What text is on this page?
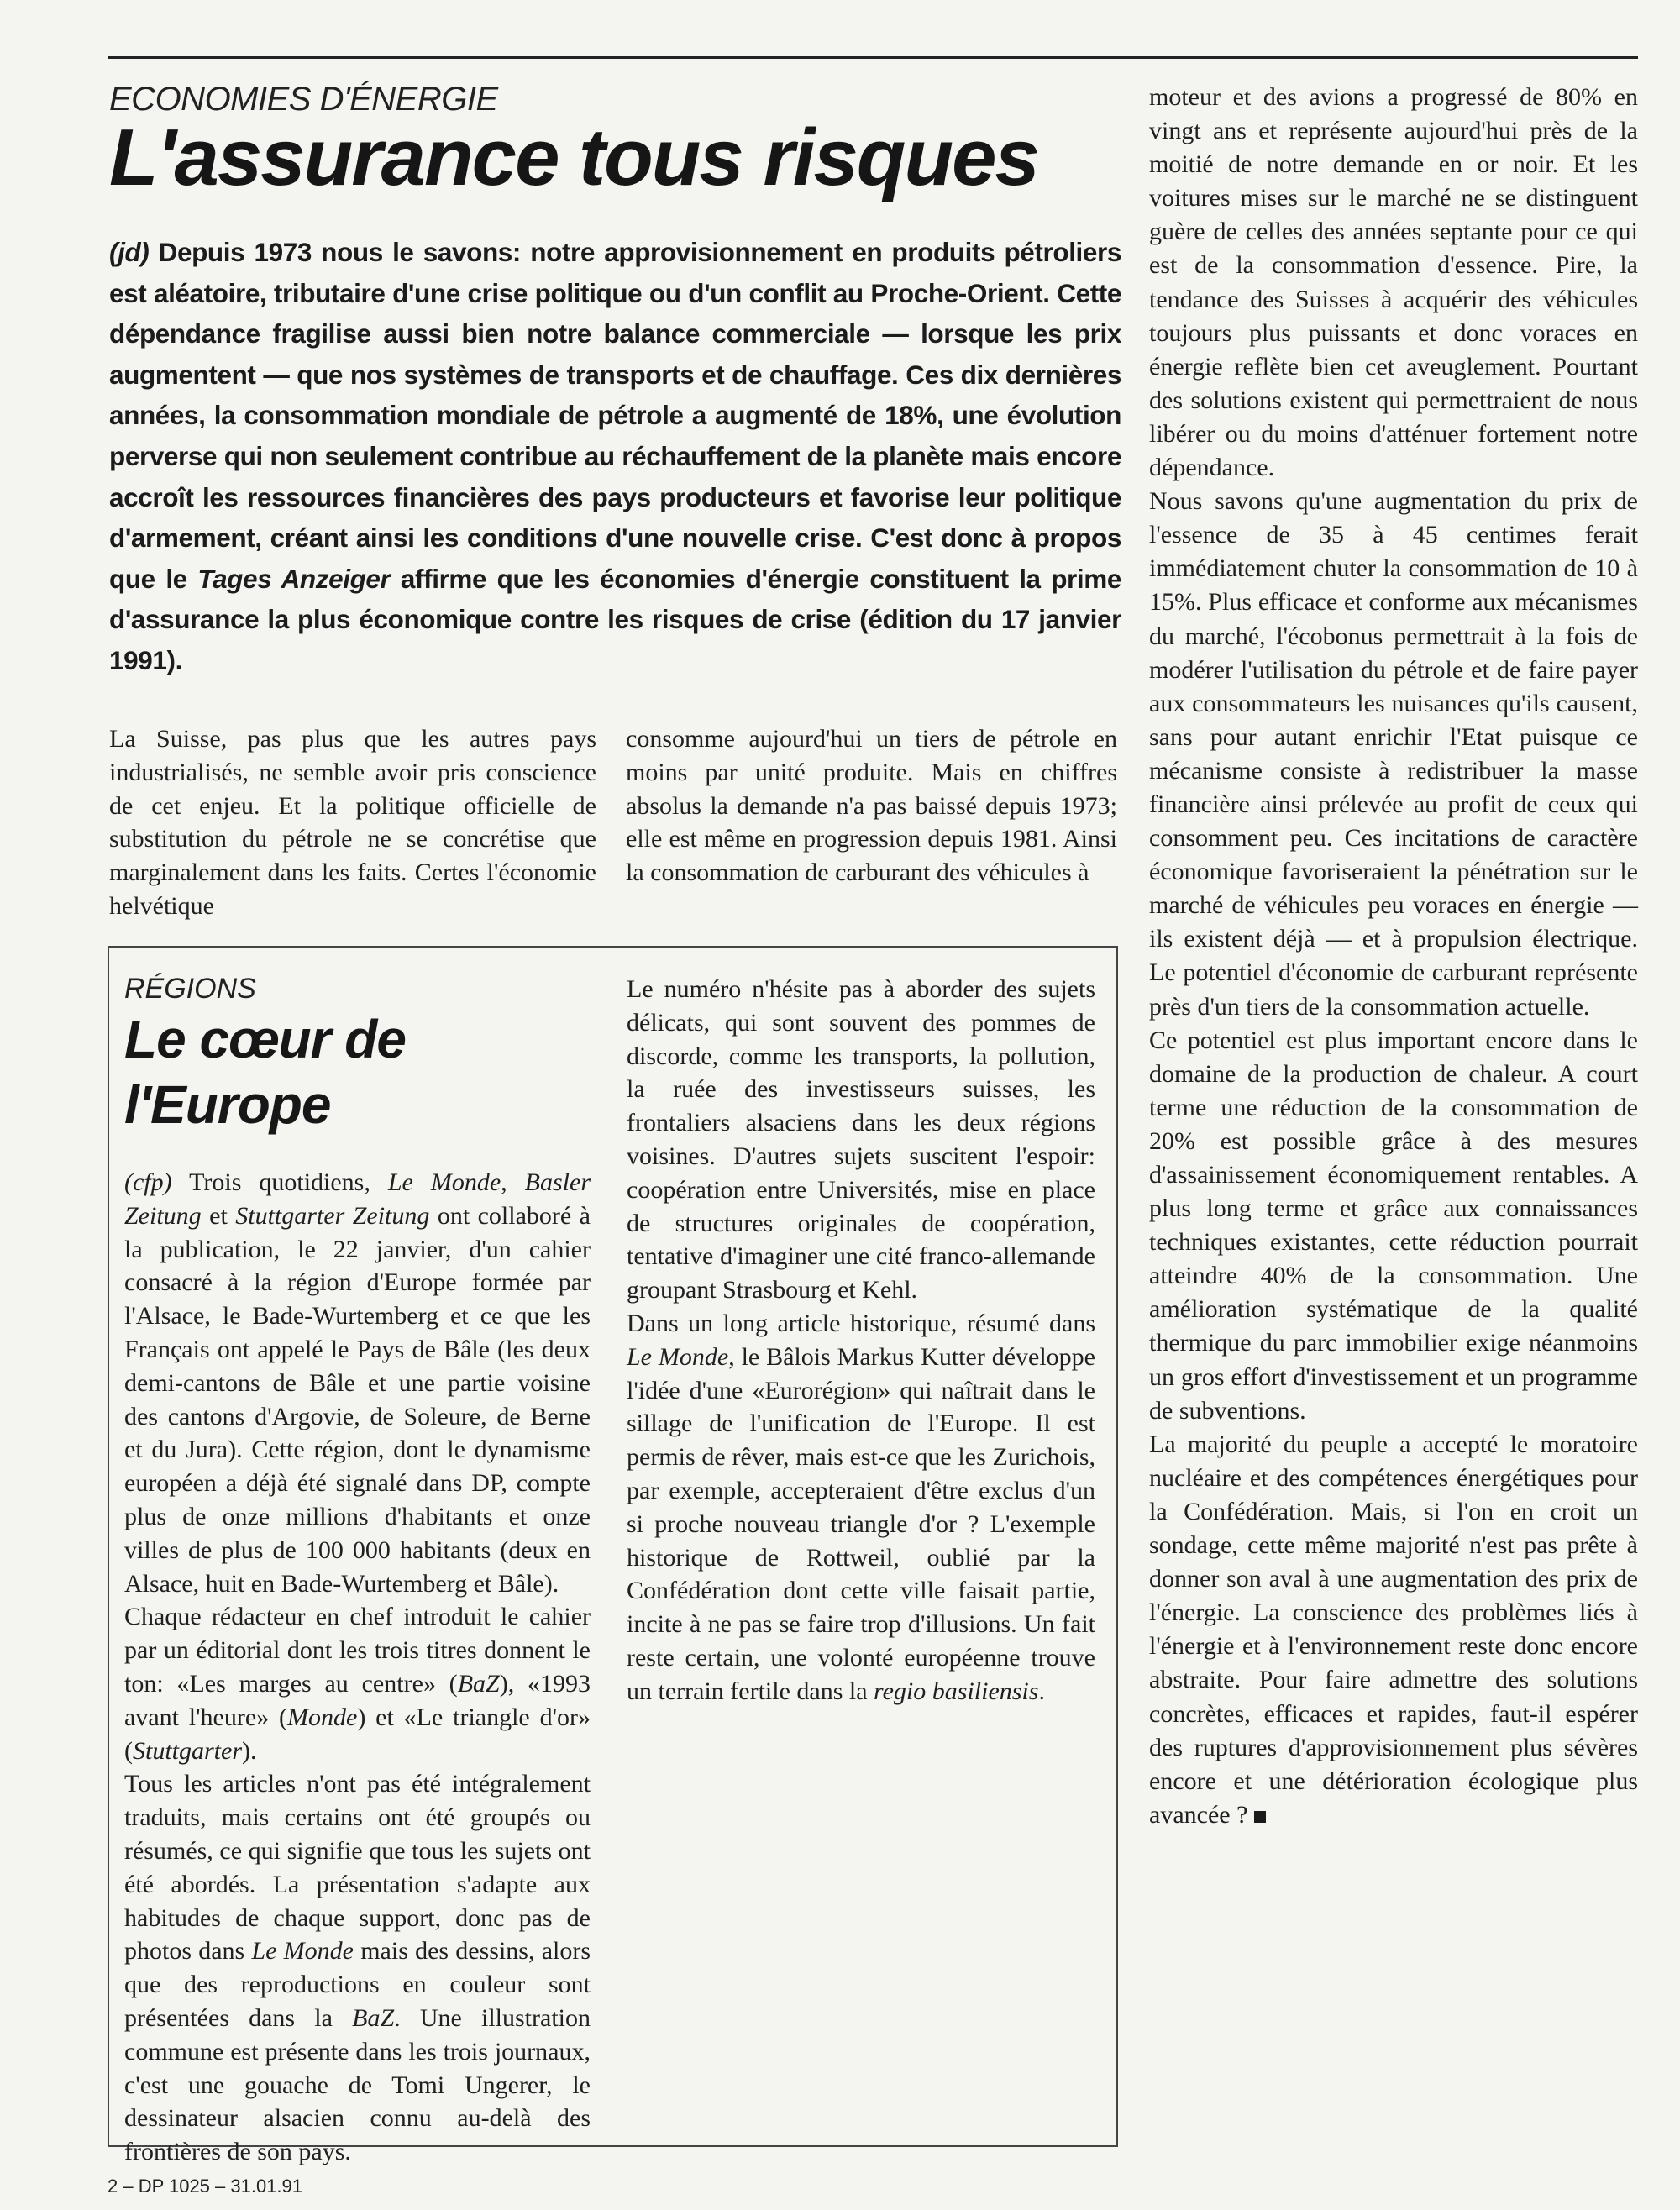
ECONOMIES D'ÉNERGIE

L'assurance tous risques

(jd) Depuis 1973 nous le savons: notre approvisionnement en produits pétroliers est aléatoire, tributaire d'une crise politique ou d'un conflit au Proche-Orient. Cette dépendance fragilise aussi bien notre balance commerciale — lorsque les prix augmentent — que nos systèmes de transports et de chauffage. Ces dix dernières années, la consommation mondiale de pétrole a augmenté de 18%, une évolution perverse qui non seulement contribue au réchauffement de la planète mais encore accroît les ressources financières des pays producteurs et favorise leur politique d'armement, créant ainsi les conditions d'une nouvelle crise. C'est donc à propos que le Tages Anzeiger affirme que les économies d'énergie constituent la prime d'assurance la plus économique contre les risques de crise (édition du 17 janvier 1991).

La Suisse, pas plus que les autres pays industrialisés, ne semble avoir pris conscience de cet enjeu. Et la politique officielle de substitution du pétrole ne se concrétise que marginalement dans les faits. Certes l'économie helvétique

consomme aujourd'hui un tiers de pétrole en moins par unité produite. Mais en chiffres absolus la demande n'a pas baissé depuis 1973; elle est même en progression depuis 1981. Ainsi la consommation de carburant des véhicules à

moteur et des avions a progressé de 80% en vingt ans et représente aujourd'hui près de la moitié de notre demande en or noir. Et les voitures mises sur le marché ne se distinguent guère de celles des années septante pour ce qui est de la consommation d'essence. Pire, la tendance des Suisses à acquérir des véhicules toujours plus puissants et donc voraces en énergie reflète bien cet aveuglement. Pourtant des solutions existent qui permettraient de nous libérer ou du moins d'atténuer fortement notre dépendance.

Nous savons qu'une augmentation du prix de l'essence de 35 à 45 centimes ferait immédiatement chuter la consommation de 10 à 15%. Plus efficace et conforme aux mécanismes du marché, l'écobonus permettrait à la fois de modérer l'utilisation du pétrole et de faire payer aux consommateurs les nuisances qu'ils causent, sans pour autant enrichir l'Etat puisque ce mécanisme consiste à redistribuer la masse financière ainsi prélevée au profit de ceux qui consomment peu. Ces incitations de caractère économique favoriseraient la pénétration sur le marché de véhicules peu voraces en énergie — ils existent déjà — et à propulsion électrique. Le potentiel d'économie de carburant représente près d'un tiers de la consommation actuelle.

Ce potentiel est plus important encore dans le domaine de la production de chaleur. A court terme une réduction de la consommation de 20% est possible grâce à des mesures d'assainissement économiquement rentables. A plus long terme et grâce aux connaissances techniques existantes, cette réduction pourrait atteindre 40% de la consommation. Une amélioration systématique de la qualité thermique du parc immobilier exige néanmoins un gros effort d'investissement et un programme de subventions.

La majorité du peuple a accepté le moratoire nucléaire et des compétences énergétiques pour la Confédération. Mais, si l'on en croit un sondage, cette même majorité n'est pas prête à donner son aval à une augmentation des prix de l'énergie. La conscience des problèmes liés à l'énergie et à l'environnement reste donc encore abstraite. Pour faire admettre des solutions concrètes, efficaces et rapides, faut-il espérer des ruptures d'approvisionnement plus sévères encore et une détérioration écologique plus avancée ?

RÉGIONS

Le cœur de
l'Europe

(cfp) Trois quotidiens, Le Monde, Basler Zeitung et Stuttgarter Zeitung ont collaboré à la publication, le 22 janvier, d'un cahier consacré à la région d'Europe formée par l'Alsace, le Bade-Wurtemberg et ce que les Français ont appelé le Pays de Bâle (les deux demi-cantons de Bâle et une partie voisine des cantons d'Argovie, de Soleure, de Berne et du Jura). Cette région, dont le dynamisme européen a déjà été signalé dans DP, compte plus de onze millions d'habitants et onze villes de plus de 100 000 habitants (deux en Alsace, huit en Bade-Wurtemberg et Bâle).

Chaque rédacteur en chef introduit le cahier par un éditorial dont les trois titres donnent le ton: «Les marges au centre» (BaZ), «1993 avant l'heure» (Monde) et «Le triangle d'or» (Stuttgarter).

Tous les articles n'ont pas été intégralement traduits, mais certains ont été groupés ou résumés, ce qui signifie que tous les sujets ont été abordés. La présentation s'adapte aux habitudes de chaque support, donc pas de photos dans Le Monde mais des dessins, alors que des reproductions en couleur sont présentées dans la BaZ. Une illustration commune est présente dans les trois journaux, c'est une gouache de Tomi Ungerer, le dessinateur alsacien connu au-delà des frontières de son pays.

Le numéro n'hésite pas à aborder des sujets délicats, qui sont souvent des pommes de discorde, comme les transports, la pollution, la ruée des investisseurs suisses, les frontaliers alsaciens dans les deux régions voisines. D'autres sujets suscitent l'espoir: coopération entre Universités, mise en place de structures originales de coopération, tentative d'imaginer une cité franco-allemande groupant Strasbourg et Kehl.

Dans un long article historique, résumé dans Le Monde, le Bâlois Markus Kutter développe l'idée d'une «Eurorégion» qui naîtrait dans le sillage de l'unification de l'Europe. Il est permis de rêver, mais est-ce que les Zurichois, par exemple, accepteraient d'être exclus d'un si proche nouveau triangle d'or ? L'exemple historique de Rottweil, oublié par la Confédération dont cette ville faisait partie, incite à ne pas se faire trop d'illusions. Un fait reste certain, une volonté européenne trouve un terrain fertile dans la regio basiliensis.

2 – DP 1025 – 31.01.91
